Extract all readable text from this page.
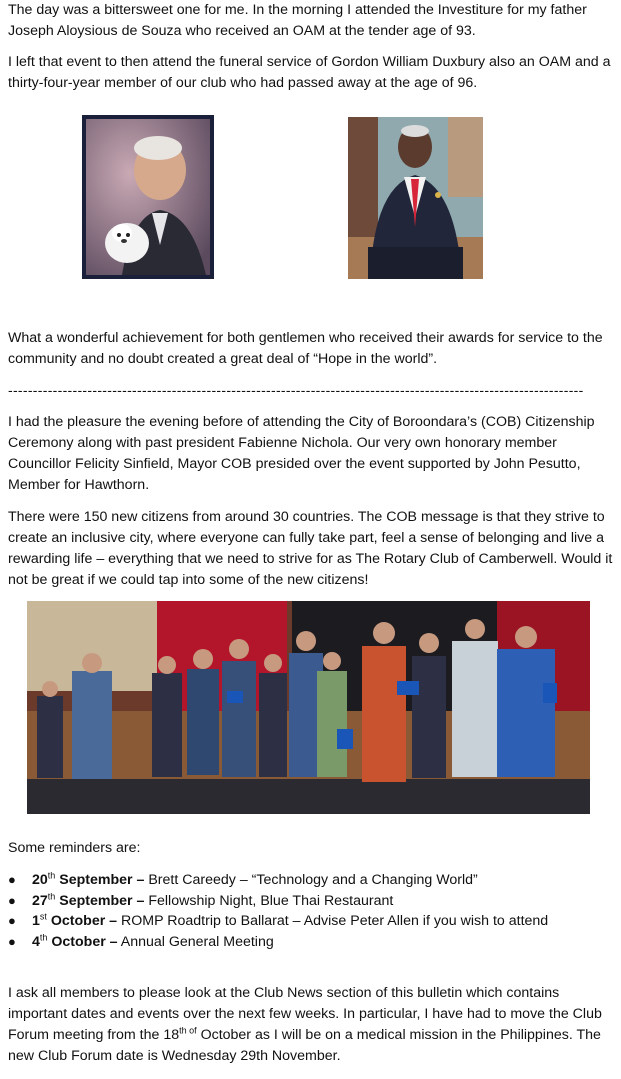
The day was a bittersweet one for me. In the morning I attended the Investiture for my father Joseph Aloysious de Souza who received an OAM at the tender age of 93.

I left that event to then attend the funeral service of Gordon William Duxbury also an OAM and a thirty-four-year member of our club who had passed away at the age of 96.

What a wonderful achievement for both gentlemen who received their awards for service to the community and no doubt created a great deal of “Hope in the world”.

--------------------------------------------------------------------------------------------------------------------

I had the pleasure the evening before of attending the City of Boroondara’s (COB) Citizenship Ceremony along with past president Fabienne Nichola. Our very own honorary member Councillor Felicity Sinfield, Mayor COB presided over the event supported by John Pesutto, Member for Hawthorn.

There were 150 new citizens from around 30 countries. The COB message is that they strive to create an inclusive city, where everyone can fully take part, feel a sense of belonging and live a rewarding life – everything that we need to strive for as The Rotary Club of Camberwell. Would it not be great if we could tap into some of the new citizens!

Some reminders are:

● 20th September – Brett Careedy – “Technology and a Changing World”
● 27th September – Fellowship Night, Blue Thai Restaurant
● 1st October – ROMP Roadtrip to Ballarat – Advise Peter Allen if you wish to attend
● 4th October – Annual General Meeting

I ask all members to please look at the Club News section of this bulletin which contains important dates and events over the next few weeks. In particular, I have had to move the Club Forum meeting from the $18^{th of}$ October as I will be on a medical mission in the Philippines. The new Club Forum date is Wednesday 29th November.
